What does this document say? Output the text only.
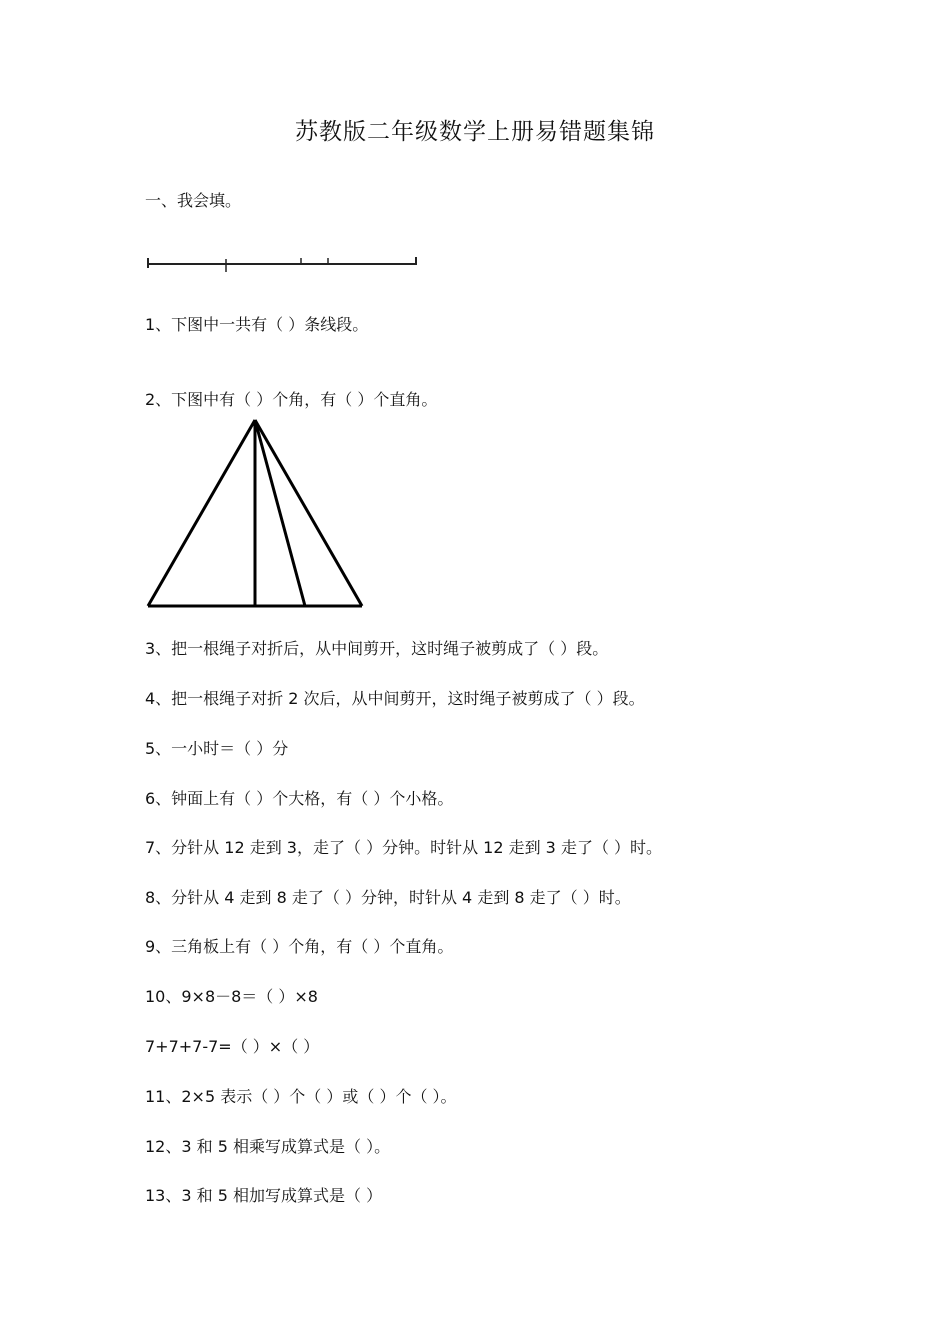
苏教版二年级数学上册易错题集锦
一、我会填。
1、下图中一共有（ ）条线段。
2、下图中有（ ）个角，有（ ）个直角。
3、把一根绳子对折后，从中间剪开，这时绳子被剪成了（ ）段。
4、把一根绳子对折 2 次后，从中间剪开，这时绳子被剪成了（ ）段。
5、一小时＝（ ）分
6、钟面上有（ ）个大格，有（ ）个小格。
7、分针从 12 走到 3，走了（ ）分钟。时针从 12 走到 3 走了（ ）时。
8、分针从 4 走到 8 走了（ ）分钟，时针从 4 走到 8 走了（ ）时。
9、三角板上有（ ）个角，有（ ）个直角。
10、9×8－8＝（ ）×8
7+7+7-7=（ ）×（ ）
11、2×5 表示（ ）个（ ）或（ ）个（ ）。
12、3 和 5 相乘写成算式是（ ）。
13、3 和 5 相加写成算式是（ ）
